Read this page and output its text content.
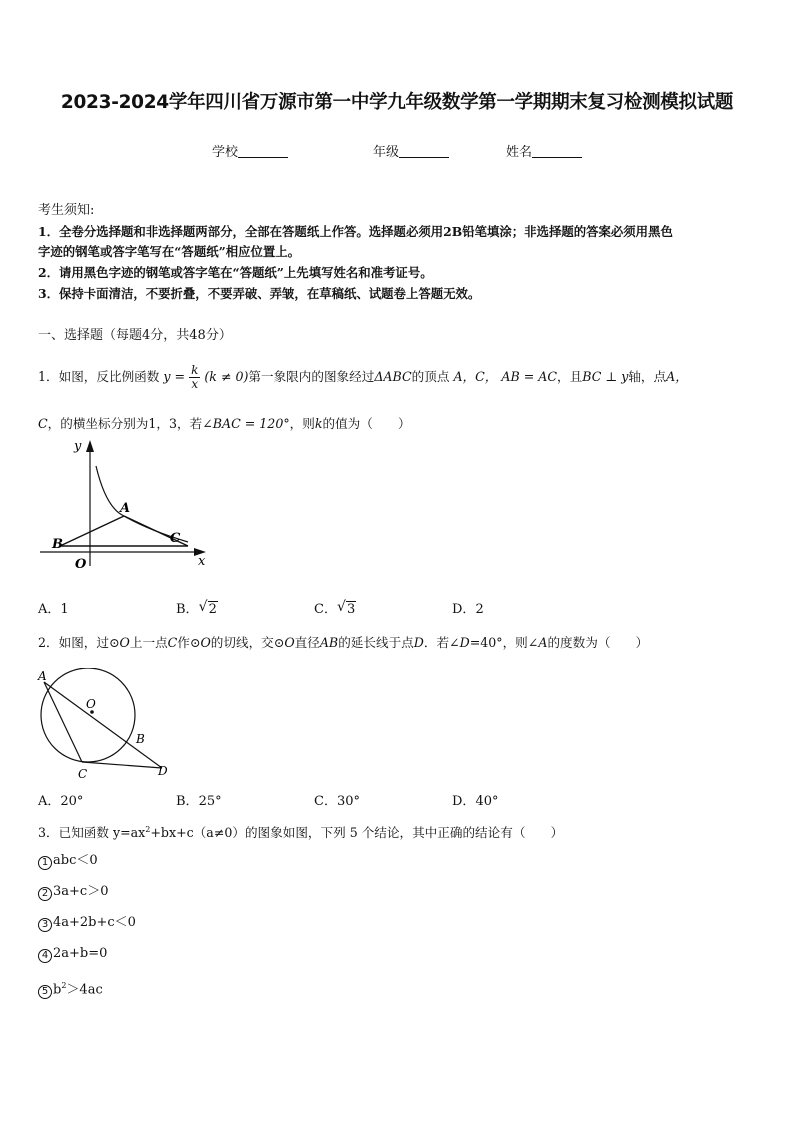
2023-2024学年四川省万源市第一中学九年级数学第一学期期末复习检测模拟试题
学校	年级	姓名
考生须知:
1．全卷分选择题和非选择题两部分，全部在答题纸上作答。选择题必须用2B铅笔填涂；非选择题的答案必须用黑色
字迹的钢笔或答字笔写在“答题纸”相应位置上。
2．请用黑色字迹的钢笔或答字笔在“答题纸”上先填写姓名和准考证号。
3．保持卡面清洁，不要折叠，不要弄破、弄皱，在草稿纸、试题卷上答题无效。
一、选择题（每题4分，共48分）
1．如图，反比例函数 $y = \frac{k}{x} (k \ne 0)$第一象限内的图象经过ΔABC的顶点 A，C， AB = AC，且BC ⊥ y轴，点A，
C，的横坐标分别为1，3，若∠BAC = 120°，则k的值为（　　）
y
x
O
A
B	C
A．1	B． √ 2	C． √ 3	D．2
2．如图，过⊙O上一点C作⊙O的切线，交⊙O直径AB的延长线于点D．若∠D=40°，则∠A的度数为（　　）
A
O
B
C	D
A．20°	B．25°	C．30°	D．40°
3．已知函数 $y=ax^2+bx+c(a\ne 0)$的图象如图，下列 5 个结论，其中正确的结论有（　　）
1 abc＜0
2 3a+c＞0
3 4a+2b+c＜0
4 2a+b=0
5 $b^2>4ac$
